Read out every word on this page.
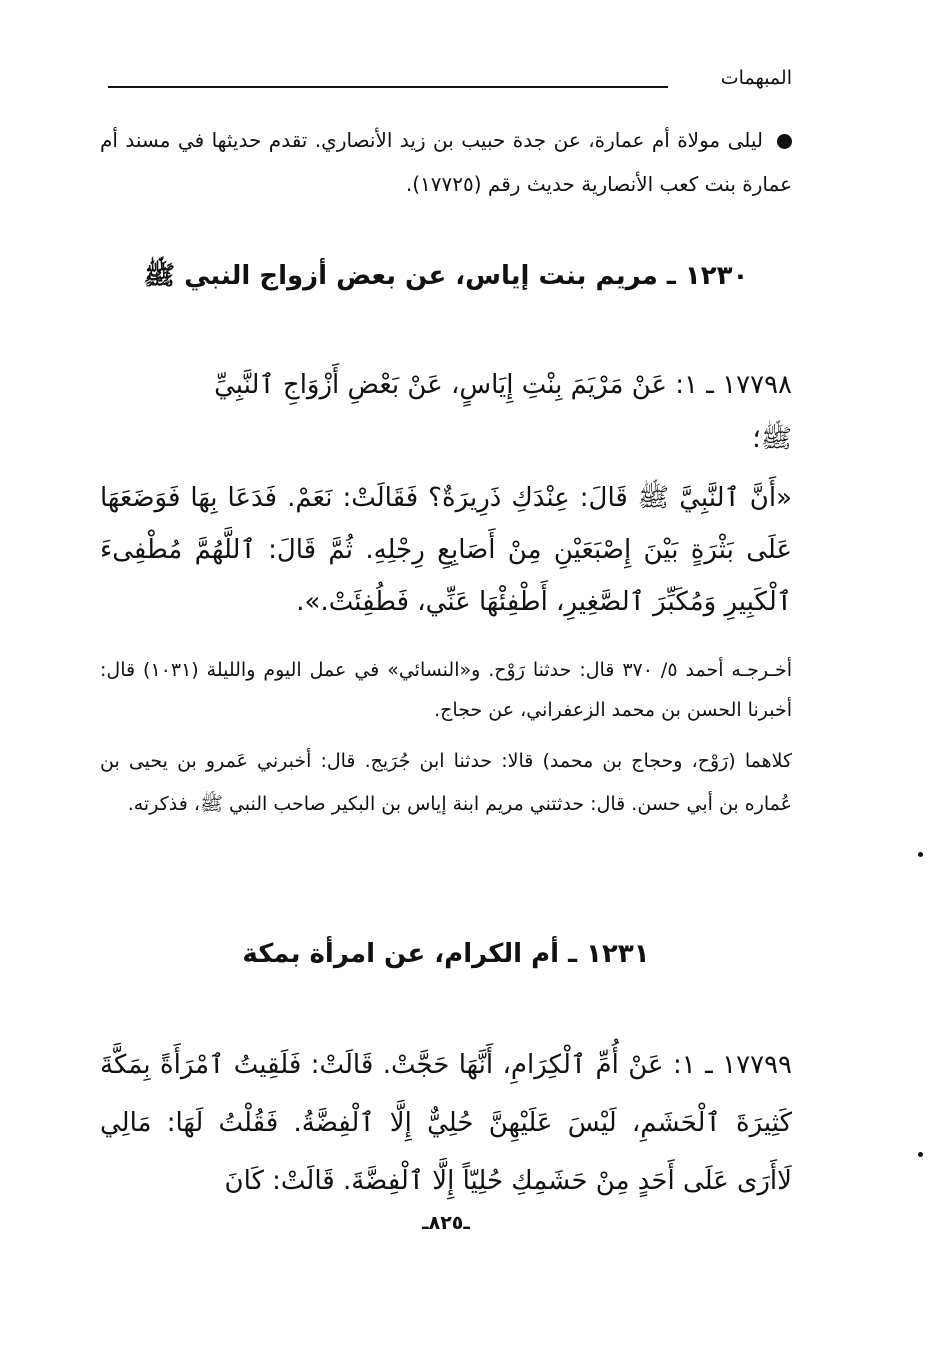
المبهمات
ليلى مولاة أم عمارة، عن جدة حبيب بن زيد الأنصاري. تقدم حديثها في مسند أم عمارة بنت كعب الأنصارية حديث رقم (١٧٧٢٥).
١٢٣٠ ـ مريم بنت إياس، عن بعض أزواج النبي ﷺ
١٧٧٩٨ ـ ١: عَنْ مَرْيَمَ بِنْتِ إِيَاسٍ، عَنْ بَعْضِ أَزْوَاجِ ٱلنَّبِيِّ
ﷺ؛
«أَنَّ ٱلنَّبِيَّ ﷺ قَالَ: عِنْدَكِ ذَرِيرَةٌ؟ فَقَالَتْ: نَعَمْ. فَدَعَا بِهَا فَوَضَعَهَا عَلَى بَثْرَةٍ بَيْنَ إِصْبَعَيْنِ مِنْ أَصَابِعِ رِجْلِهِ. ثُمَّ قَالَ: ٱللَّهُمَّ مُطْفِىءَ ٱلْكَبِيرِ وَمُكَبِّرَ ٱلصَّغِيرِ، أَطْفِئْهَا عَنِّي، فَطُفِئَتْ.».
أخـرجـه أحمد ٥/ ٣٧٠ قال: حدثنا رَوْح. و«النسائي» في عمل اليوم والليلة (١٠٣١) قال: أخبرنا الحسن بن محمد الزعفراني، عن حجاج.
كلاهما (رَوْح، وحجاج بن محمد) قالا: حدثنا ابن جُرَيج. قال: أخبرني عَمرو بن يحيى بن عُماره بن أبي حسن. قال: حدثتني مريم ابنة إياس بن البكير صاحب النبي ﷺ، فذكرته.
١٢٣١ ـ أم الكرام، عن امرأة بمكة
١٧٧٩٩ ـ ١: عَنْ أُمِّ ٱلْكِرَامِ، أَنَّهَا حَجَّتْ. قَالَتْ: فَلَقِيتُ ٱمْرَأَةً بِمَكَّةَ كَثِيرَةَ ٱلْحَشَمِ، لَيْسَ عَلَيْهِنَّ حُلِيٌّ إِلَّا ٱلْفِضَّةُ. فَقُلْتُ لَهَا: مَالِي لَاأَرَى عَلَى أَحَدٍ مِنْ حَشَمِكِ حُلِيّاً إِلَّا ٱلْفِضَّةَ. قَالَتْ: كَانَ
ـ٨٢٥ـ
